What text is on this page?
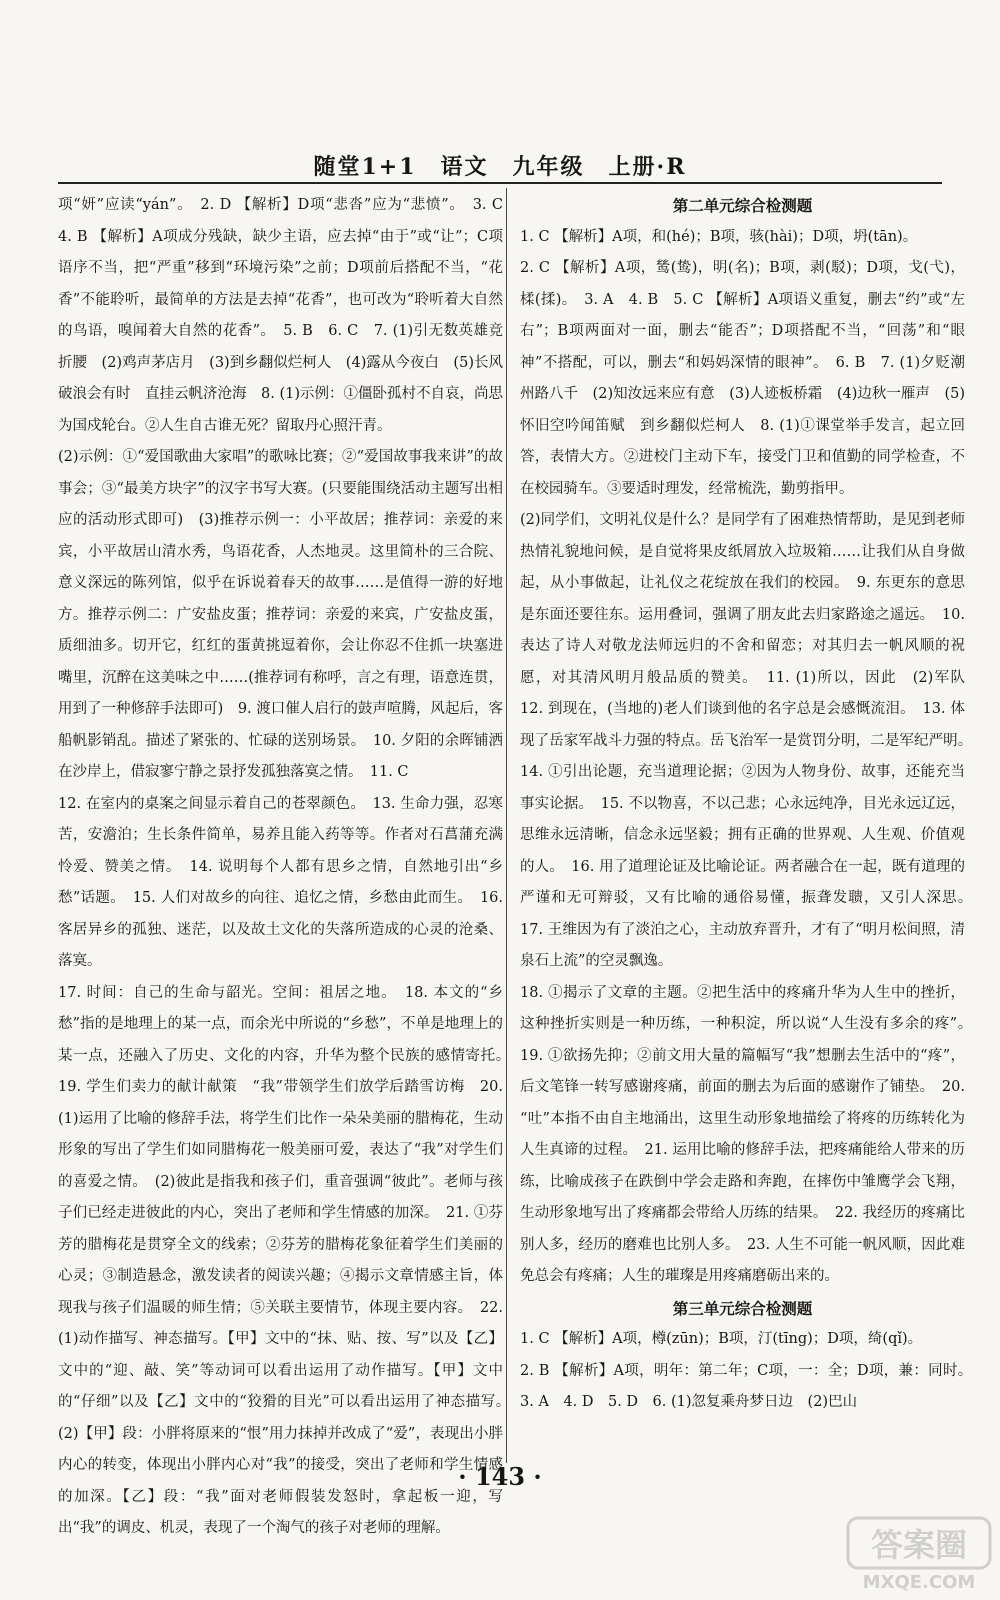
随堂1+1　语文　九年级　上册·R

项“妍”应读“yán”。　2. D 【解析】D项“悲沓”应为“悲愤”。　3. C　4. B 【解析】A项成分残缺，缺少主语，应去掉“由于”或“让”；C项语序不当，把“严重”移到“环境污染”之前；D项前后搭配不当，“花香”不能聆听，最简单的方法是去掉“花香”，也可改为“聆听着大自然的鸟语，嗅闻着大自然的花香”。　5. B　6. C　7. (1)引无数英雄竞折腰　(2)鸡声茅店月　(3)到乡翻似烂柯人　(4)露从今夜白　(5)长风破浪会有时　直挂云帆济沧海　8. (1)示例：①僵卧孤村不自哀，尚思为国戍轮台。②人生自古谁无死？留取丹心照汗青。

(2)示例：①“爱国歌曲大家唱”的歌咏比赛；②“爱国故事我来讲”的故事会；③“最美方块字”的汉字书写大赛。(只要能围绕活动主题写出相应的活动形式即可)　(3)推荐示例一：小平故居；推荐词：亲爱的来宾，小平故居山清水秀，鸟语花香，人杰地灵。这里简朴的三合院、意义深远的陈列馆，似乎在诉说着春天的故事……是值得一游的好地方。推荐示例二：广安盐皮蛋；推荐词：亲爱的来宾，广安盐皮蛋，质细油多。切开它，红红的蛋黄挑逗着你，会让你忍不住抓一块塞进嘴里，沉醉在这美味之中……(推荐词有称呼，言之有理，语意连贯，用到了一种修辞手法即可)　9. 渡口催人启行的鼓声喧腾，风起后，客船帆影销乱。描述了紧张的、忙碌的送别场景。　10. 夕阳的余晖铺洒在沙岸上，借寂寥宁静之景抒发孤独落寞之情。　11. C

12. 在室内的桌案之间显示着自己的苍翠颜色。　13. 生命力强，忍寒苦，安澹泊；生长条件简单，易养且能入药等等。作者对石菖蒲充满怜爱、赞美之情。　14. 说明每个人都有思乡之情，自然地引出“乡愁”话题。　15. 人们对故乡的向往、追忆之情，乡愁由此而生。　16. 客居异乡的孤独、迷茫，以及故土文化的失落所造成的心灵的沧桑、落寞。

17. 时间：自己的生命与韶光。空间：祖居之地。　18. 本文的“乡愁”指的是地理上的某一点，而余光中所说的“乡愁”，不单是地理上的某一点，还融入了历史、文化的内容，升华为整个民族的感情寄托。　19. 学生们卖力的献计献策　“我”带领学生们放学后踏雪访梅　20. (1)运用了比喻的修辞手法，将学生们比作一朵朵美丽的腊梅花，生动形象的写出了学生们如同腊梅花一般美丽可爱，表达了“我”对学生们的喜爱之情。　(2)彼此是指我和孩子们，重音强调“彼此”。老师与孩子们已经走进彼此的内心，突出了老师和学生情感的加深。　21. ①芬芳的腊梅花是贯穿全文的线索；②芬芳的腊梅花象征着学生们美丽的心灵；③制造悬念，激发读者的阅读兴趣；④揭示文章情感主旨，体现我与孩子们温暖的师生情；⑤关联主要情节，体现主要内容。　22. (1)动作描写、神态描写。【甲】文中的“抹、贴、按、写”以及【乙】文中的“迎、敲、笑”等动词可以看出运用了动作描写。【甲】文中的“仔细”以及【乙】文中的“狡猾的目光”可以看出运用了神态描写。　(2)【甲】段：小胖将原来的“恨”用力抹掉并改成了“爱”，表现出小胖内心的转变，体现出小胖内心对“我”的接受，突出了老师和学生情感的加深。【乙】段：“我”面对老师假装发怒时，拿起板一迎，写出“我”的调皮、机灵，表现了一个淘气的孩子对老师的理解。

第二单元综合检测题

1. C 【解析】A项，和(hé)；B项，骇(hài)；D项，坍(tān)。

2. C 【解析】A项，鸶(鸷)，明(名)；B项，剥(駁)；D项，戈(弋)，楺(揉)。　3. A　4. B　5. C 【解析】A项语义重复，删去“约”或“左右”；B项两面对一面，删去“能否”；D项搭配不当，“回荡”和“眼神”不搭配，可以，删去“和妈妈深情的眼神”。　6. B　7. (1)夕贬潮州路八千　(2)知汝远来应有意　(3)人迹板桥霜　(4)边秋一雁声　(5)怀旧空吟闻笛赋　到乡翻似烂柯人　8. (1)①课堂举手发言，起立回答，表情大方。②进校门主动下车，接受门卫和值勤的同学检查，不在校园骑车。③要适时理发，经常梳洗，勤剪指甲。

(2)同学们，文明礼仪是什么？是同学有了困难热情帮助，是见到老师热情礼貌地问候，是自觉将果皮纸屑放入垃圾箱……让我们从自身做起，从小事做起，让礼仪之花绽放在我们的校园。　9. 东更东的意思是东面还要往东。运用叠词，强调了朋友此去归家路途之遥远。　10. 表达了诗人对敬龙法师远归的不舍和留恋；对其归去一帆风顺的祝愿，对其清风明月般品质的赞美。　11. (1)所以，因此　(2)军队　12. 到现在，(当地的)老人们谈到他的名字总是会感慨流泪。　13. 体现了岳家军战斗力强的特点。岳飞治军一是赏罚分明，二是军纪严明。　14. ①引出论题，充当道理论据；②因为人物身份、故事，还能充当事实论据。　15. 不以物喜，不以己悲；心永远纯净，目光永远辽远，思维永远清晰，信念永远坚毅；拥有正确的世界观、人生观、价值观的人。　16. 用了道理论证及比喻论证。两者融合在一起，既有道理的严谨和无可辩驳，又有比喻的通俗易懂，振聋发聩，又引人深思。　17. 王维因为有了淡泊之心，主动放弃晋升，才有了“明月松间照，清泉石上流”的空灵飘逸。

18. ①揭示了文章的主题。②把生活中的疼痛升华为人生中的挫折，这种挫折实则是一种历练，一种积淀，所以说“人生没有多余的疼”。　19. ①欲扬先抑；②前文用大量的篇幅写“我”想删去生活中的“疼”，后文笔锋一转写感谢疼痛，前面的删去为后面的感谢作了铺垫。　20. “吐”本指不由自主地涌出，这里生动形象地描绘了将疼的历练转化为人生真谛的过程。　21. 运用比喻的修辞手法，把疼痛能给人带来的历练，比喻成孩子在跌倒中学会走路和奔跑，在摔伤中雏鹰学会飞翔，生动形象地写出了疼痛都会带给人历练的结果。　22. 我经历的疼痛比别人多，经历的磨难也比别人多。　23. 人生不可能一帆风顺，因此难免总会有疼痛；人生的璀璨是用疼痛磨砺出来的。

第三单元综合检测题

1. C 【解析】A项，樽(zūn)；B项，汀(tīng)；D项，绮(qǐ)。

2. B 【解析】A项，明年：第二年；C项，一：全；D项，兼：同时。　3. A　4. D　5. D　6. (1)忽复乘舟梦日边　(2)巴山

· 143 ·
答案圈
MXQE.COM
